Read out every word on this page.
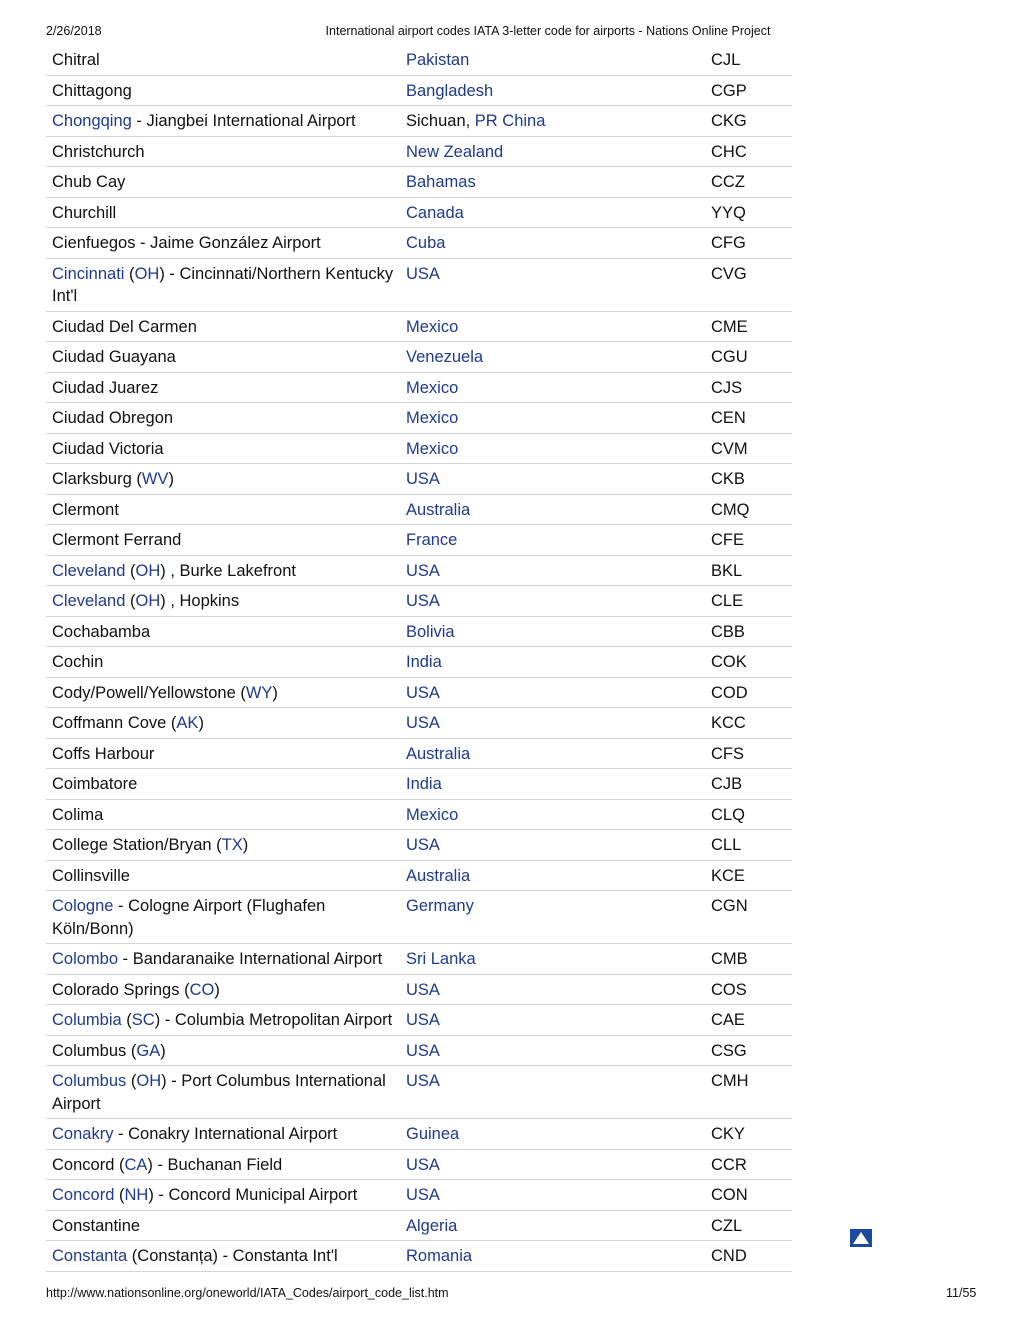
2/26/2018	International airport codes IATA 3-letter code for airports - Nations Online Project
Chitral	Pakistan	CJL
Chittagong	Bangladesh	CGP
Chongqing - Jiangbei International Airport	Sichuan, PR China	CKG
Christchurch	New Zealand	CHC
Chub Cay	Bahamas	CCZ
Churchill	Canada	YYQ
Cienfuegos - Jaime González Airport	Cuba	CFG
Cincinnati (OH) - Cincinnati/Northern Kentucky Int'l	USA	CVG
Ciudad Del Carmen	Mexico	CME
Ciudad Guayana	Venezuela	CGU
Ciudad Juarez	Mexico	CJS
Ciudad Obregon	Mexico	CEN
Ciudad Victoria	Mexico	CVM
Clarksburg (WV)	USA	CKB
Clermont	Australia	CMQ
Clermont Ferrand	France	CFE
Cleveland (OH) , Burke Lakefront	USA	BKL
Cleveland (OH) , Hopkins	USA	CLE
Cochabamba	Bolivia	CBB
Cochin	India	COK
Cody/Powell/Yellowstone (WY)	USA	COD
Coffmann Cove (AK)	USA	KCC
Coffs Harbour	Australia	CFS
Coimbatore	India	CJB
Colima	Mexico	CLQ
College Station/Bryan (TX)	USA	CLL
Collinsville	Australia	KCE
Cologne - Cologne Airport (Flughafen Köln/Bonn)	Germany	CGN
Colombo - Bandaranaike International Airport	Sri Lanka	CMB
Colorado Springs (CO)	USA	COS
Columbia (SC) - Columbia Metropolitan Airport	USA	CAE
Columbus (GA)	USA	CSG
Columbus (OH) - Port Columbus International Airport	USA	CMH
Conakry - Conakry International Airport	Guinea	CKY
Concord (CA) - Buchanan Field	USA	CCR
Concord (NH) - Concord Municipal Airport	USA	CON
Constantine	Algeria	CZL
Constanta (Constanța) - Constanta Int'l	Romania	CND
http://www.nationsonline.org/oneworld/IATA_Codes/airport_code_list.htm	11/55
